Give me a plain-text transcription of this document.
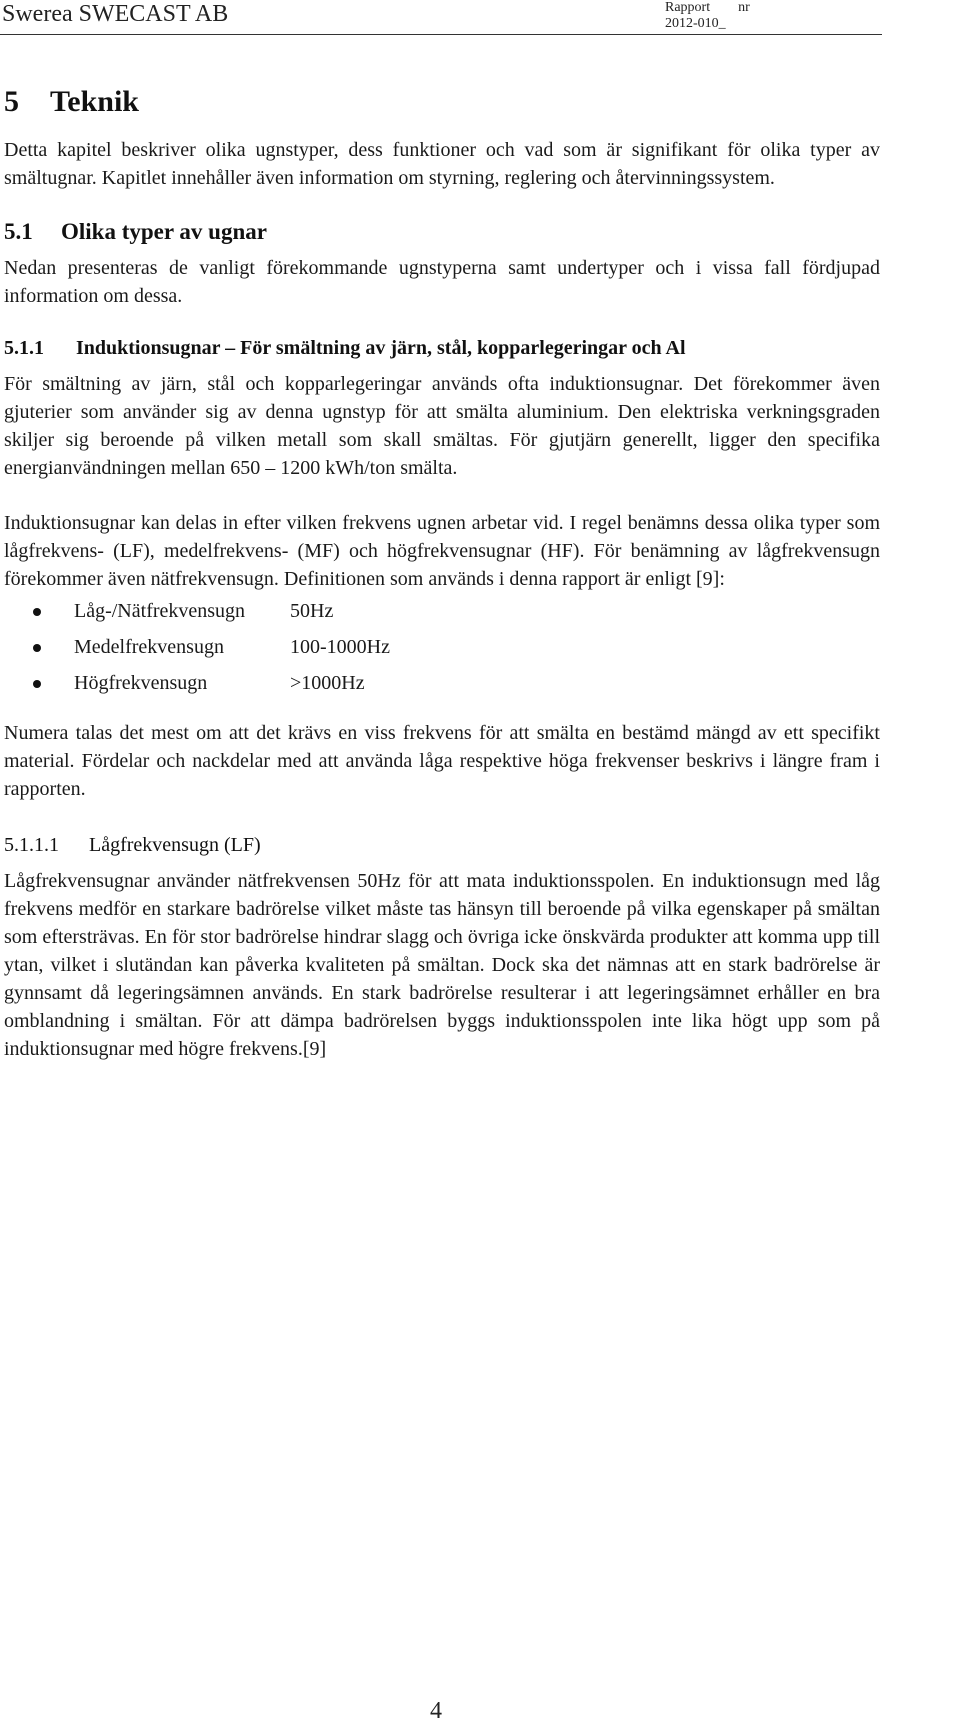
Swerea SWECAST AB	Rapport nr
2012-010_
5 Teknik

Detta kapitel beskriver olika ugnstyper, dess funktioner och vad som är signifikant för olika typer av smältugnar. Kapitlet innehåller även information om styrning, reglering och återvinningssystem.

5.1 Olika typer av ugnar

Nedan presenteras de vanligt förekommande ugnstyperna samt undertyper och i vissa fall fördjupad information om dessa.

5.1.1 Induktionsugnar – För smältning av järn, stål, kopparlegeringar och Al

För smältning av järn, stål och kopparlegeringar används ofta induktionsugnar. Det förekommer även gjuterier som använder sig av denna ugnstyp för att smälta aluminium. Den elektriska verkningsgraden skiljer sig beroende på vilken metall som skall smältas. För gjutjärn generellt, ligger den specifika energianvändningen mellan 650 – 1200 kWh/ton smälta.

Induktionsugnar kan delas in efter vilken frekvens ugnen arbetar vid. I regel benämns dessa olika typer som lågfrekvens- (LF), medelfrekvens- (MF) och högfrekvensugnar (HF). För benämning av lågfrekvensugn förekommer även nätfrekvensugn. Definitionen som används i denna rapport är enligt [9]:

Låg-/Nätfrekvensugn 50Hz
Medelfrekvensugn	100-1000Hz
Högfrekvensugn	>1000Hz

Numera talas det mest om att det krävs en viss frekvens för att smälta en bestämd mängd av ett specifikt material. Fördelar och nackdelar med att använda låga respektive höga frekvenser beskrivs i längre fram i rapporten.

5.1.1.1 Lågfrekvensugn (LF)

Lågfrekvensugnar använder nätfrekvensen 50Hz för att mata induktionsspolen. En induktionsugn med låg frekvens medför en starkare badrörelse vilket måste tas hänsyn till beroende på vilka egenskaper på smältan som eftersträvas. En för stor badrörelse hindrar slagg och övriga icke önskvärda produkter att komma upp till ytan, vilket i slutändan kan påverka kvaliteten på smältan. Dock ska det nämnas att en stark badrörelse är gynnsamt då legeringsämnen används. En stark badrörelse resulterar i att legeringsämnet erhåller en bra omblandning i smältan. För att dämpa badrörelsen byggs induktionsspolen inte lika högt upp som på induktionsugnar med högre frekvens.[9]

4
